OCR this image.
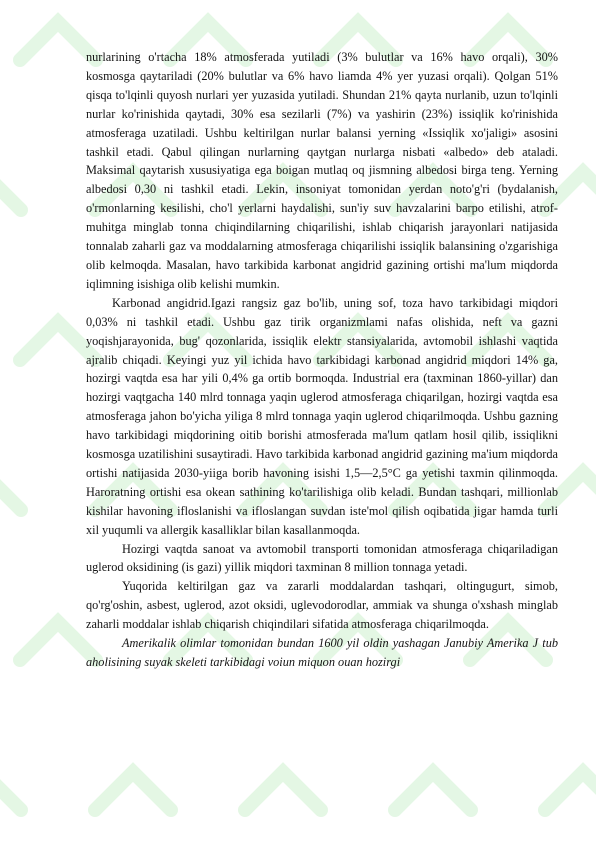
nurlarining o'rtacha 18% atmosferada yutiladi (3% bulutlar va 16% havo orqali), 30% kosmosga qaytariladi (20% bulutlar va 6% havo liamda 4% yer yuzasi orqali). Qolgan 51% qisqa to'lqinli quyosh nurlari yer yuzasida yutiladi. Shundan 21% qayta nurlanib, uzun to'lqinli nurlar ko'rinishida qaytadi, 30% esa sezilarli (7%) va yashirin (23%) issiqlik ko'rinishida atmosferaga uzatiladi. Ushbu keltirilgan nurlar balansi yerning «Issiqlik xo'jaligi» asosini tashkil etadi. Qabul qilingan nurlarning qaytgan nurlarga nisbati «albedo» deb ataladi. Maksimal qaytarish xususiyatiga ega boigan mutlaq oq jismning albedosi birga teng. Yerning albedosi 0,30 ni tashkil etadi. Lekin, insoniyat tomonidan yerdan noto'g'ri (bydalanish, o'rmonlarning kesilishi, cho'l yerlarni haydalishi, sun'iy suv havzalarini barpo etilishi, atrof-muhitga minglab tonna chiqindilarning chiqarilishi, ishlab chiqarish jarayonlari natijasida tonnalab zaharli gaz va moddalarning atmosferaga chiqarilishi issiqlik balansining o'zgarishiga olib kelmoqda. Masalan, havo tarkibida karbonat angidrid gazining ortishi ma'lum miqdorda iqlimning isishiga olib kelishi mumkin.

Karbonad angidrid.Igazi rangsiz gaz bo'lib, uning sof, toza havo tarkibidagi miqdori 0,03% ni tashkil etadi. Ushbu gaz tirik organizmlami nafas olishida, neft va gazni yoqishjarayonida, bug' qozonlarida, issiqlik elektr stansiyalarida, avtomobil ishlashi vaqtida ajralib chiqadi. Keyingi yuz yil ichida havo tarkibidagi karbonad angidrid miqdori 14% ga, hozirgi vaqtda esa har yili 0,4% ga ortib bormoqda. Industrial era (taxminan 1860-yillar) dan hozirgi vaqtgacha 140 mlrd tonnaga yaqin uglerod atmosferaga chiqarilgan, hozirgi vaqtda esa atmosferaga jahon bo'yicha yiliga 8 mlrd tonnaga yaqin uglerod chiqarilmoqda. Ushbu gazning havo tarkibidagi miqdorining oitib borishi atmosferada ma'lum qatlam hosil qilib, issiqlikni kosmosga uzatilishini susaytiradi. Havo tarkibida karbonad angidrid gazining ma'ium miqdorda ortishi natijasida 2030-yiiga borib havoning isishi 1,5—2,5°C ga yetishi taxmin qilinmoqda. Haroratning ortishi esa okean sathining ko'tarilishiga olib keladi. Bundan tashqari, millionlab kishilar havoning ifloslanishi va ifloslangan suvdan iste'mol qilish oqibatida jigar hamda turli xil yuqumli va allergik kasalliklar bilan kasallanmoqda.

Hozirgi vaqtda sanoat va avtomobil transporti tomonidan atmosferaga chiqariladigan uglerod oksidining (is gazi) yillik miqdori taxminan 8 million tonnaga yetadi.

Yuqorida keltirilgan gaz va zararli moddalardan tashqari, oltingugurt, simob, qo'rg'oshin, asbest, uglerod, azot oksidi, uglevodorodlar, ammiak va shunga o'xshash minglab zaharli moddalar ishlab chiqarish chiqindilari sifatida atmosferaga chiqarilmoqda.

Amerikalik olimlar tomonidan bundan 1600 yil oldin yashagan Janubiy Amerika J tub aholisining suyak skeleti tarkibidagi voiun miquon ouan hozirgi
